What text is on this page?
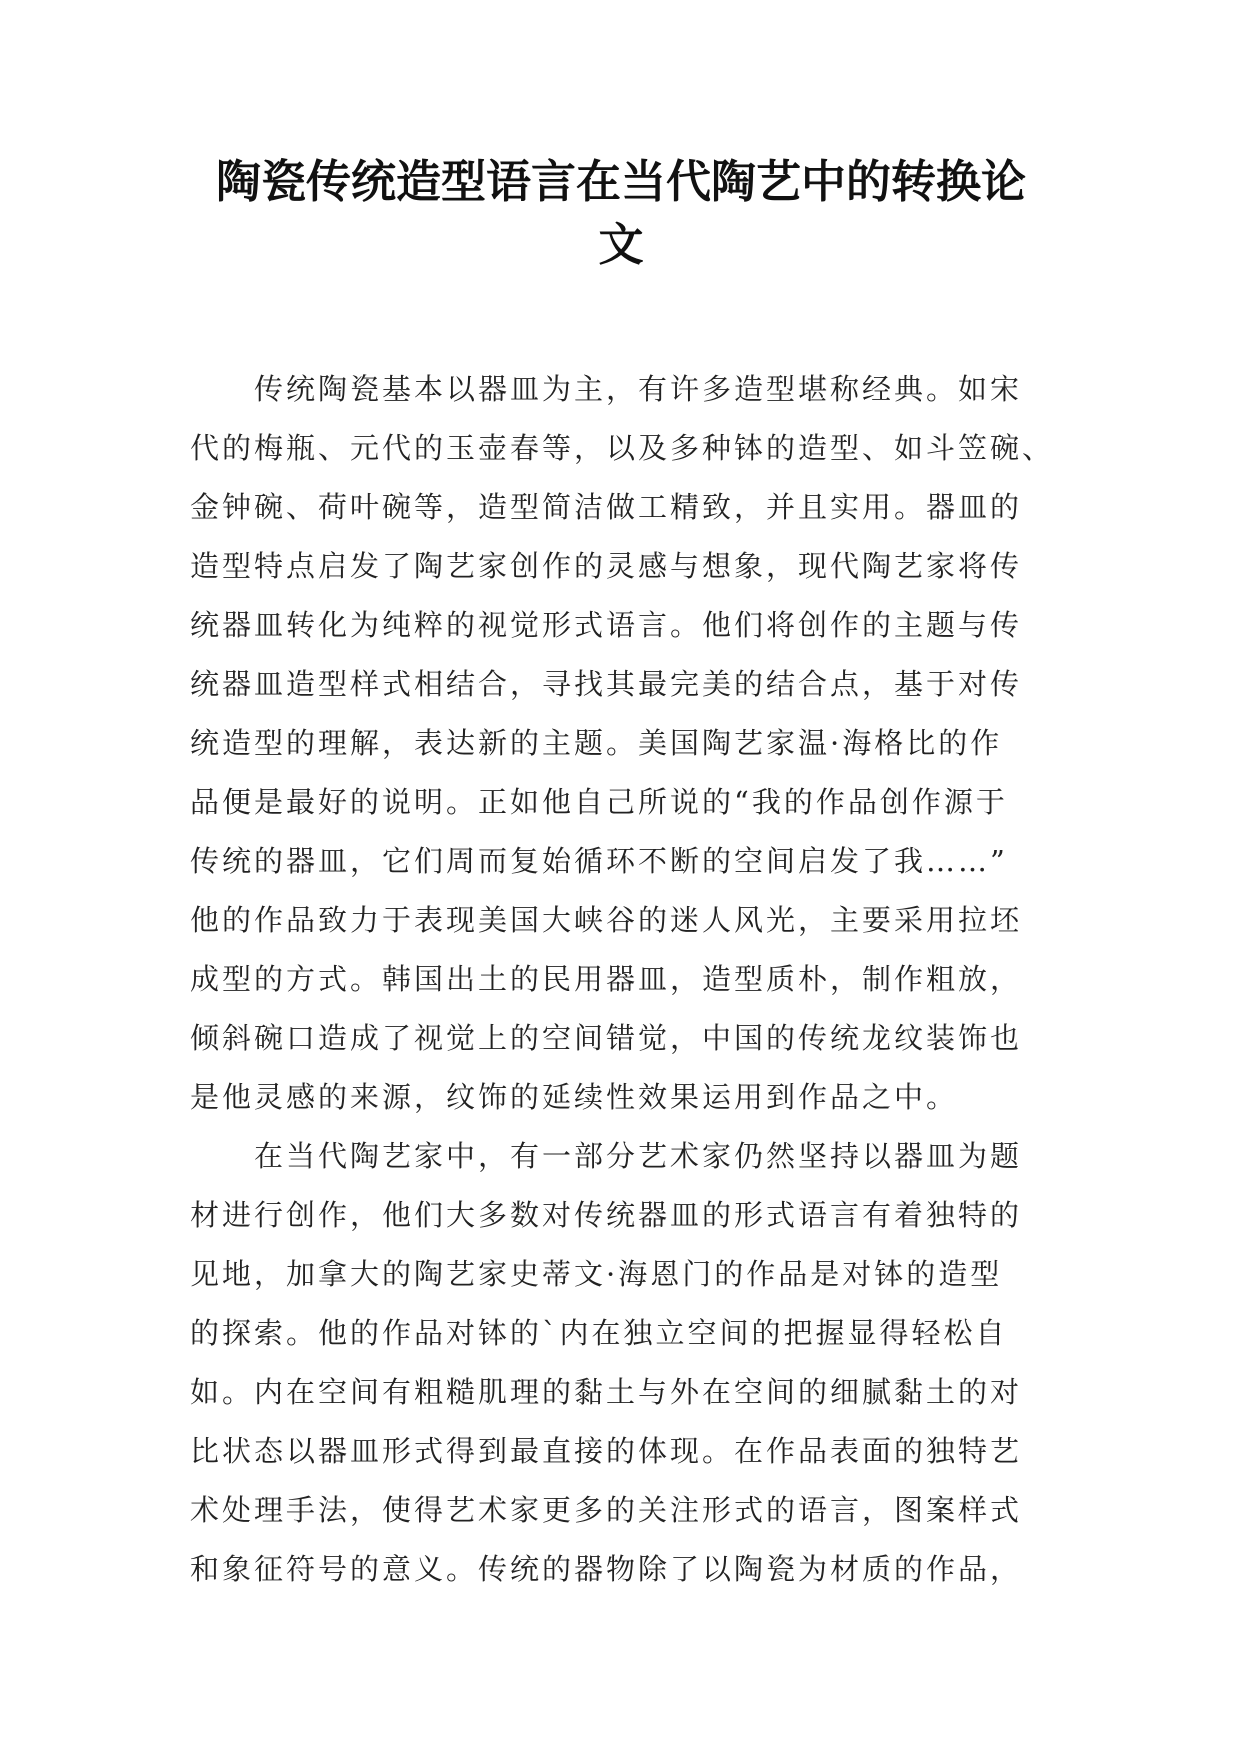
陶瓷传统造型语言在当代陶艺中的转换论
文
　　传统陶瓷基本以器皿为主，有许多造型堪称经典。如宋
代的梅瓶、元代的玉壶春等，以及多种钵的造型、如斗笠碗、
金钟碗、荷叶碗等，造型简洁做工精致，并且实用。器皿的
造型特点启发了陶艺家创作的灵感与想象，现代陶艺家将传
统器皿转化为纯粹的视觉形式语言。他们将创作的主题与传
统器皿造型样式相结合，寻找其最完美的结合点，基于对传
统造型的理解，表达新的主题。美国陶艺家温·海格比的作
品便是最好的说明。正如他自己所说的“我的作品创作源于
传统的器皿，它们周而复始循环不断的空间启发了我……”
他的作品致力于表现美国大峡谷的迷人风光，主要采用拉坯
成型的方式。韩国出土的民用器皿，造型质朴，制作粗放，
倾斜碗口造成了视觉上的空间错觉，中国的传统龙纹装饰也
是他灵感的来源，纹饰的延续性效果运用到作品之中。
　　在当代陶艺家中，有一部分艺术家仍然坚持以器皿为题
材进行创作，他们大多数对传统器皿的形式语言有着独特的
见地，加拿大的陶艺家史蒂文·海恩门的作品是对钵的造型
的探索。他的作品对钵的`内在独立空间的把握显得轻松自
如。内在空间有粗糙肌理的黏土与外在空间的细腻黏土的对
比状态以器皿形式得到最直接的体现。在作品表面的独特艺
术处理手法，使得艺术家更多的关注形式的语言，图案样式
和象征符号的意义。传统的器物除了以陶瓷为材质的作品，
